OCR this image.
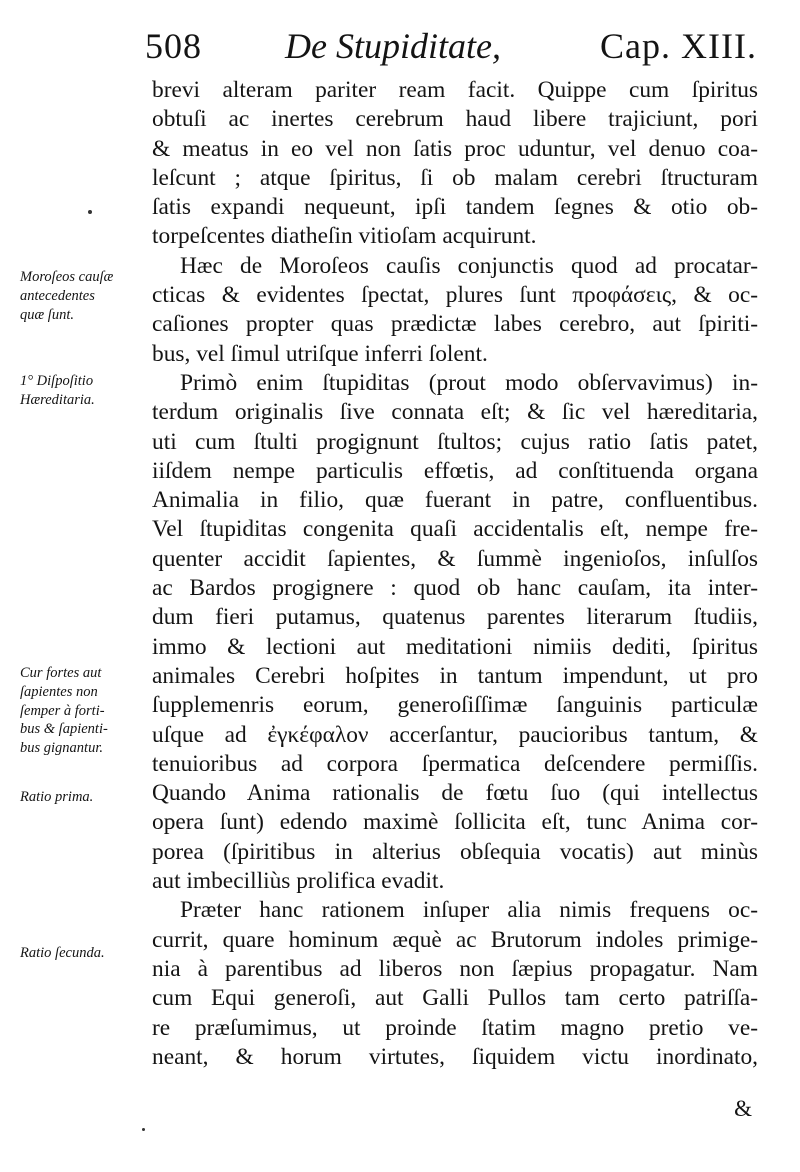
508 De Stupiditate,	Cap. XIII.
brevi alteram pariter ream facit. Quippe cum ſpiritus
obtuſi ac inertes cerebrum haud libere trajiciunt, pori
& meatus in eo vel non ſatis proc uduntur, vel denuo coa-
leſcunt ; atque ſpiritus, ſi ob malam cerebri ſtructuram
ſatis expandi nequeunt, ipſi tandem ſegnes & otio ob-
torpeſcentes diatheſin vitioſam acquirunt.
Hæc de Moroſeos cauſis conjunctis quod ad procatar-
cticas & evidentes ſpectat, plures ſunt προφάσεις, & oc-
caſiones propter quas prædictæ labes cerebro, aut ſpiriti-
bus, vel ſimul utriſque inferri ſolent.
Primò enim ſtupiditas (prout modo obſervavimus) in-
terdum originalis ſive connata eſt; & ſic vel hæreditaria,
uti cum ſtulti progignunt ſtultos; cujus ratio ſatis patet,
iiſdem nempe particulis effœtis, ad conſtituenda organa
Animalia in filio, quæ fuerant in patre, confluentibus.
Vel ſtupiditas congenita quaſi accidentalis eſt, nempe fre-
quenter accidit ſapientes, & ſummè ingenioſos, inſulſos
ac Bardos progignere : quod ob hanc cauſam, ita inter-
dum fieri putamus, quatenus parentes literarum ſtudiis,
immo & lectioni aut meditationi nimiis dediti, ſpiritus
animales Cerebri hoſpites in tantum impendunt, ut pro
ſupplemenris eorum, generoſiſſimæ ſanguinis particulæ
uſque ad ἐγκέφαλον accerſantur, paucioribus tantum, &
tenuioribus ad corpora ſpermatica deſcendere permiſſis.
Quando Anima rationalis de fœtu ſuo (qui intellectus
opera ſunt) edendo maximè ſollicita eſt, tunc Anima cor-
porea (ſpiritibus in alterius obſequia vocatis) aut minùs
aut imbecilliùs prolifica evadit.
Præter hanc rationem inſuper alia nimis frequens oc-
currit, quare hominum æquè ac Brutorum indoles primige-
nia à parentibus ad liberos non ſæpius propagatur. Nam
cum Equi generoſi, aut Galli Pullos tam certo patriſſa-
re præſumimus, ut proinde ſtatim magno pretio ve-
neant, & horum virtutes, ſiquidem victu inordinato,
Moroſeos cauſæ
antecedentes
quæ ſunt.
1° Diſpoſitio
Hæreditaria.
Cur fortes aut
ſapientes non
ſemper à forti-
bus & ſapienti-
bus gignantur.
Ratio prima.
Ratio ſecunda.
&
